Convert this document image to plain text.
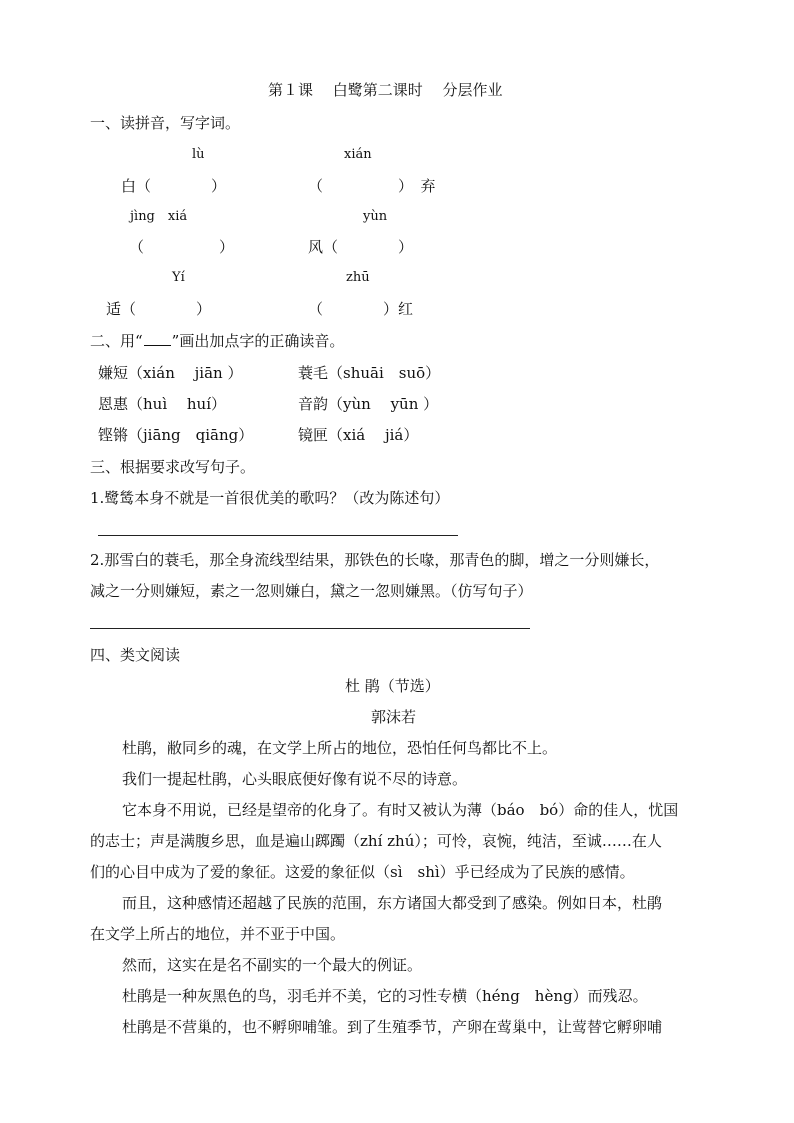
第１课　 白鹭第二课时　 分层作业
一、读拼音，写字词。
lù	xián
白（　　　　）	（　　　　　）　弃
jìng　xiá	yùn
（　　　　　）	风（　　　　）
Yí	zhū
适（　　　　）	（　　　　）红
二、用“ ”画出加点字的正确读音。
嫌短（xián　 jiān ）	蓑毛（shuāi　suō）
恩惠（huì　 huí）	音韵（yùn　 yūn ）
铿锵（jiāng　qiāng）	镜匣（xiá　 jiá）
三、根据要求改写句子。
1.鹭鸶本身不就是一首很优美的歌吗？（改为陈述句）
2.那雪白的蓑毛，那全身流线型结果，那铁色的长喙，那青色的脚，增之一分则嫌长，
减之一分则嫌短，素之一忽则嫌白，黛之一忽则嫌黑。（仿写句子）
四、类文阅读
杜 鹃（节选）
郭沫若
杜鹃，敝同乡的魂，在文学上所占的地位，恐怕任何鸟都比不上。
我们一提起杜鹃，心头眼底便好像有说不尽的诗意。
它本身不用说，已经是望帝的化身了。有时又被认为薄（báo　bó）命的佳人，忧国
的志士；声是满腹乡思，血是遍山踯躅（zhí zhú）；可怜，哀惋，纯洁，至诚……在人
们的心目中成为了爱的象征。这爱的象征似（sì　shì）乎已经成为了民族的感情。
而且，这种感情还超越了民族的范围，东方诸国大都受到了感染。例如日本，杜鹃
在文学上所占的地位，并不亚于中国。
然而，这实在是名不副实的一个最大的例证。
杜鹃是一种灰黑色的鸟，羽毛并不美，它的习性专横（héng　hèng）而残忍。
杜鹃是不营巢的，也不孵卵哺雏。到了生殖季节，产卵在莺巢中，让莺替它孵卵哺
